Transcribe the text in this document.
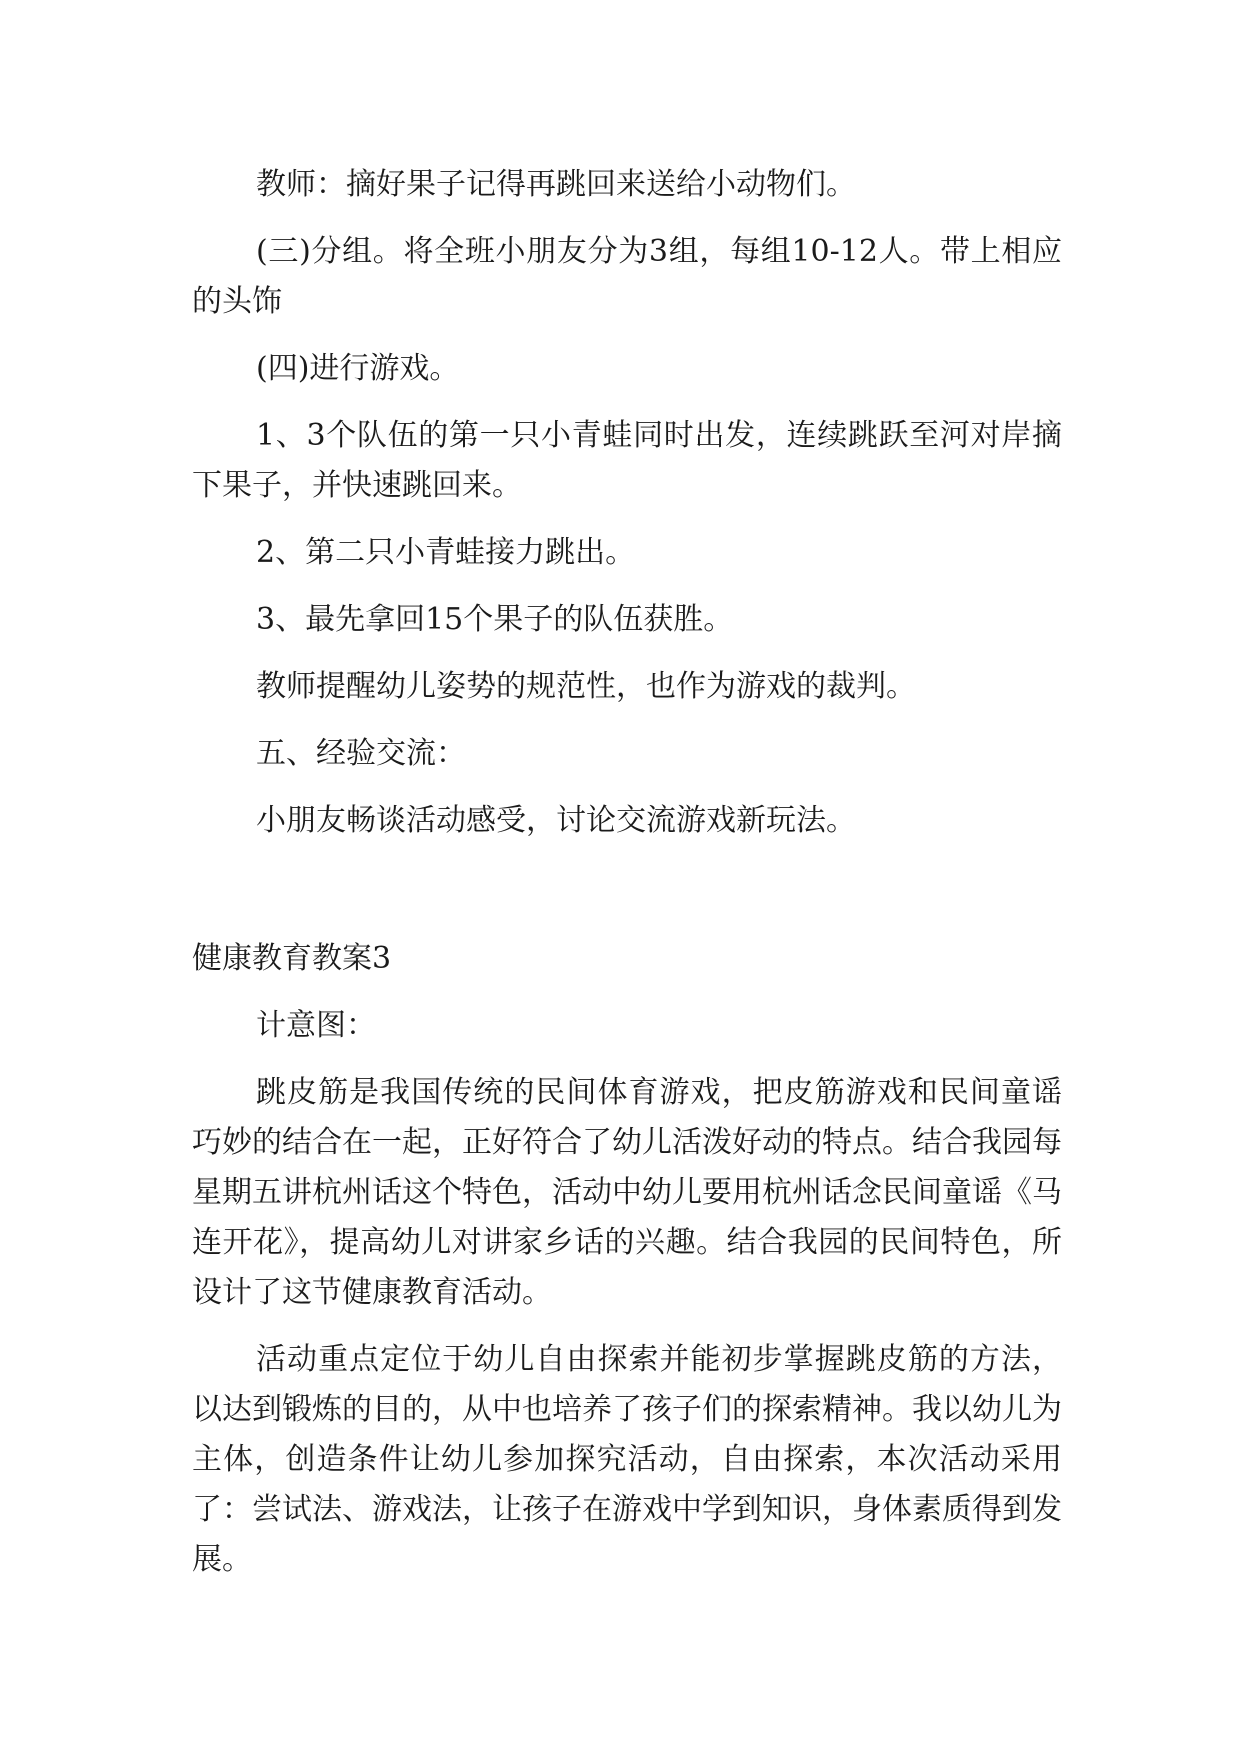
教师：摘好果子记得再跳回来送给小动物们。

(三)分组。将全班小朋友分为3组，每组10-12人。带上相应的头饰

(四)进行游戏。

1、3个队伍的第一只小青蛙同时出发，连续跳跃至河对岸摘下果子，并快速跳回来。

2、第二只小青蛙接力跳出。

3、最先拿回15个果子的队伍获胜。

教师提醒幼儿姿势的规范性，也作为游戏的裁判。

五、经验交流：

小朋友畅谈活动感受，讨论交流游戏新玩法。

健康教育教案3

计意图：

跳皮筋是我国传统的民间体育游戏，把皮筋游戏和民间童谣巧妙的结合在一起，正好符合了幼儿活泼好动的特点。结合我园每星期五讲杭州话这个特色，活动中幼儿要用杭州话念民间童谣《马连开花》，提高幼儿对讲家乡话的兴趣。结合我园的民间特色，所设计了这节健康教育活动。

活动重点定位于幼儿自由探索并能初步掌握跳皮筋的方法，以达到锻炼的目的，从中也培养了孩子们的探索精神。我以幼儿为主体，创造条件让幼儿参加探究活动，自由探索，本次活动采用了：尝试法、游戏法，让孩子在游戏中学到知识，身体素质得到发展。
